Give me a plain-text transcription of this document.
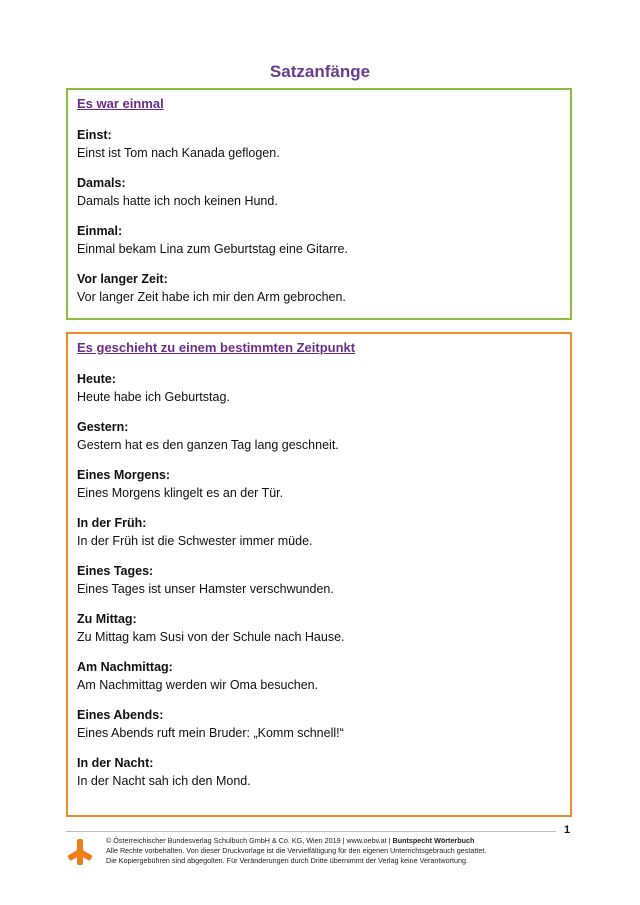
Satzanfänge
Es war einmal
Einst:
Einst ist Tom nach Kanada geflogen.
Damals:
Damals hatte ich noch keinen Hund.
Einmal:
Einmal bekam Lina zum Geburtstag eine Gitarre.
Vor langer Zeit:
Vor langer Zeit habe ich mir den Arm gebrochen.
Es geschieht zu einem bestimmten Zeitpunkt
Heute:
Heute habe ich Geburtstag.
Gestern:
Gestern hat es den ganzen Tag lang geschneit.
Eines Morgens:
Eines Morgens klingelt es an der Tür.
In der Früh:
In der Früh ist die Schwester immer müde.
Eines Tages:
Eines Tages ist unser Hamster verschwunden.
Zu Mittag:
Zu Mittag kam Susi von der Schule nach Hause.
Am Nachmittag:
Am Nachmittag werden wir Oma besuchen.
Eines Abends:
Eines Abends ruft mein Bruder: „Komm schnell!“
In der Nacht:
In der Nacht sah ich den Mond.
1
© Österreichischer Bundesverlag Schulbuch GmbH & Co. KG, Wien 2019 | www.oebv.at | Buntspecht Wörterbuch
Alle Rechte vorbehalten. Von dieser Druckvorlage ist die Vervielfältigung für den eigenen Unterrichtsgebrauch gestattet.
Die Kopiergebühren sind abgegolten. Für Veränderungen durch Dritte übernimmt der Verlag keine Verantwortung.
